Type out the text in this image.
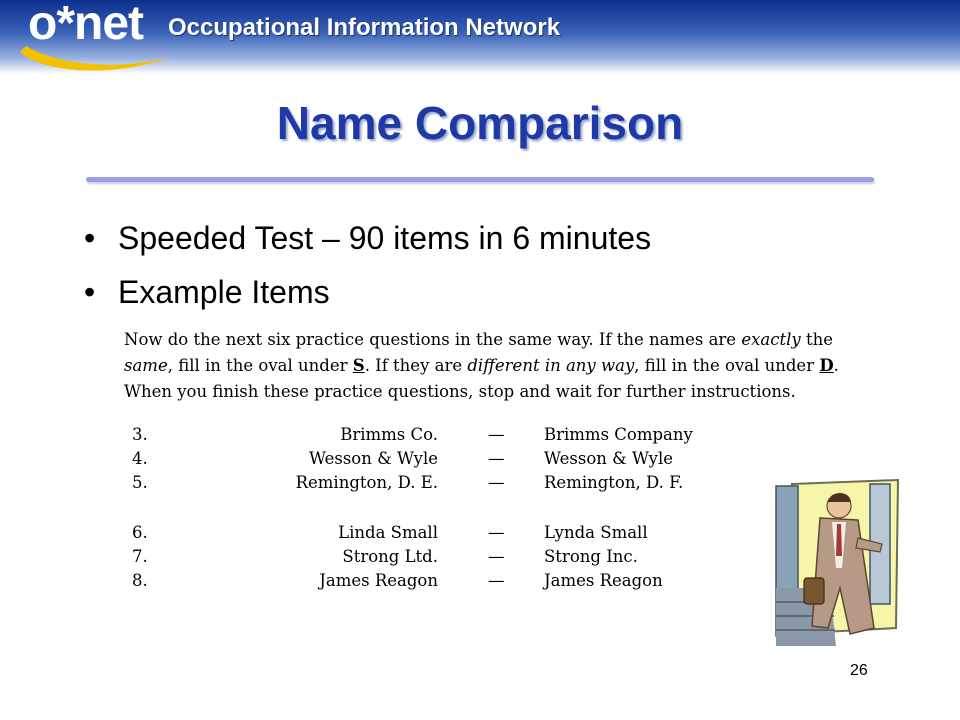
o*net Occupational Information Network
Name Comparison
• Speeded Test – 90 items in 6 minutes
• Example Items
Now do the next six practice questions in the same way. If the names are exactly the same, fill in the oval under S. If they are different in any way, fill in the oval under D. When you finish these practice questions, stop and wait for further instructions.
3.	Brimms Co.	— Brimms Company
4.	Wesson & Wyle	— Wesson & Wyle
5.	Remington, D. E.	— Remington, D. F.
6.	Linda Small	— Lynda Small
7.	Strong Ltd.	— Strong Inc.
8.	James Reagon	— James Reagon
26
